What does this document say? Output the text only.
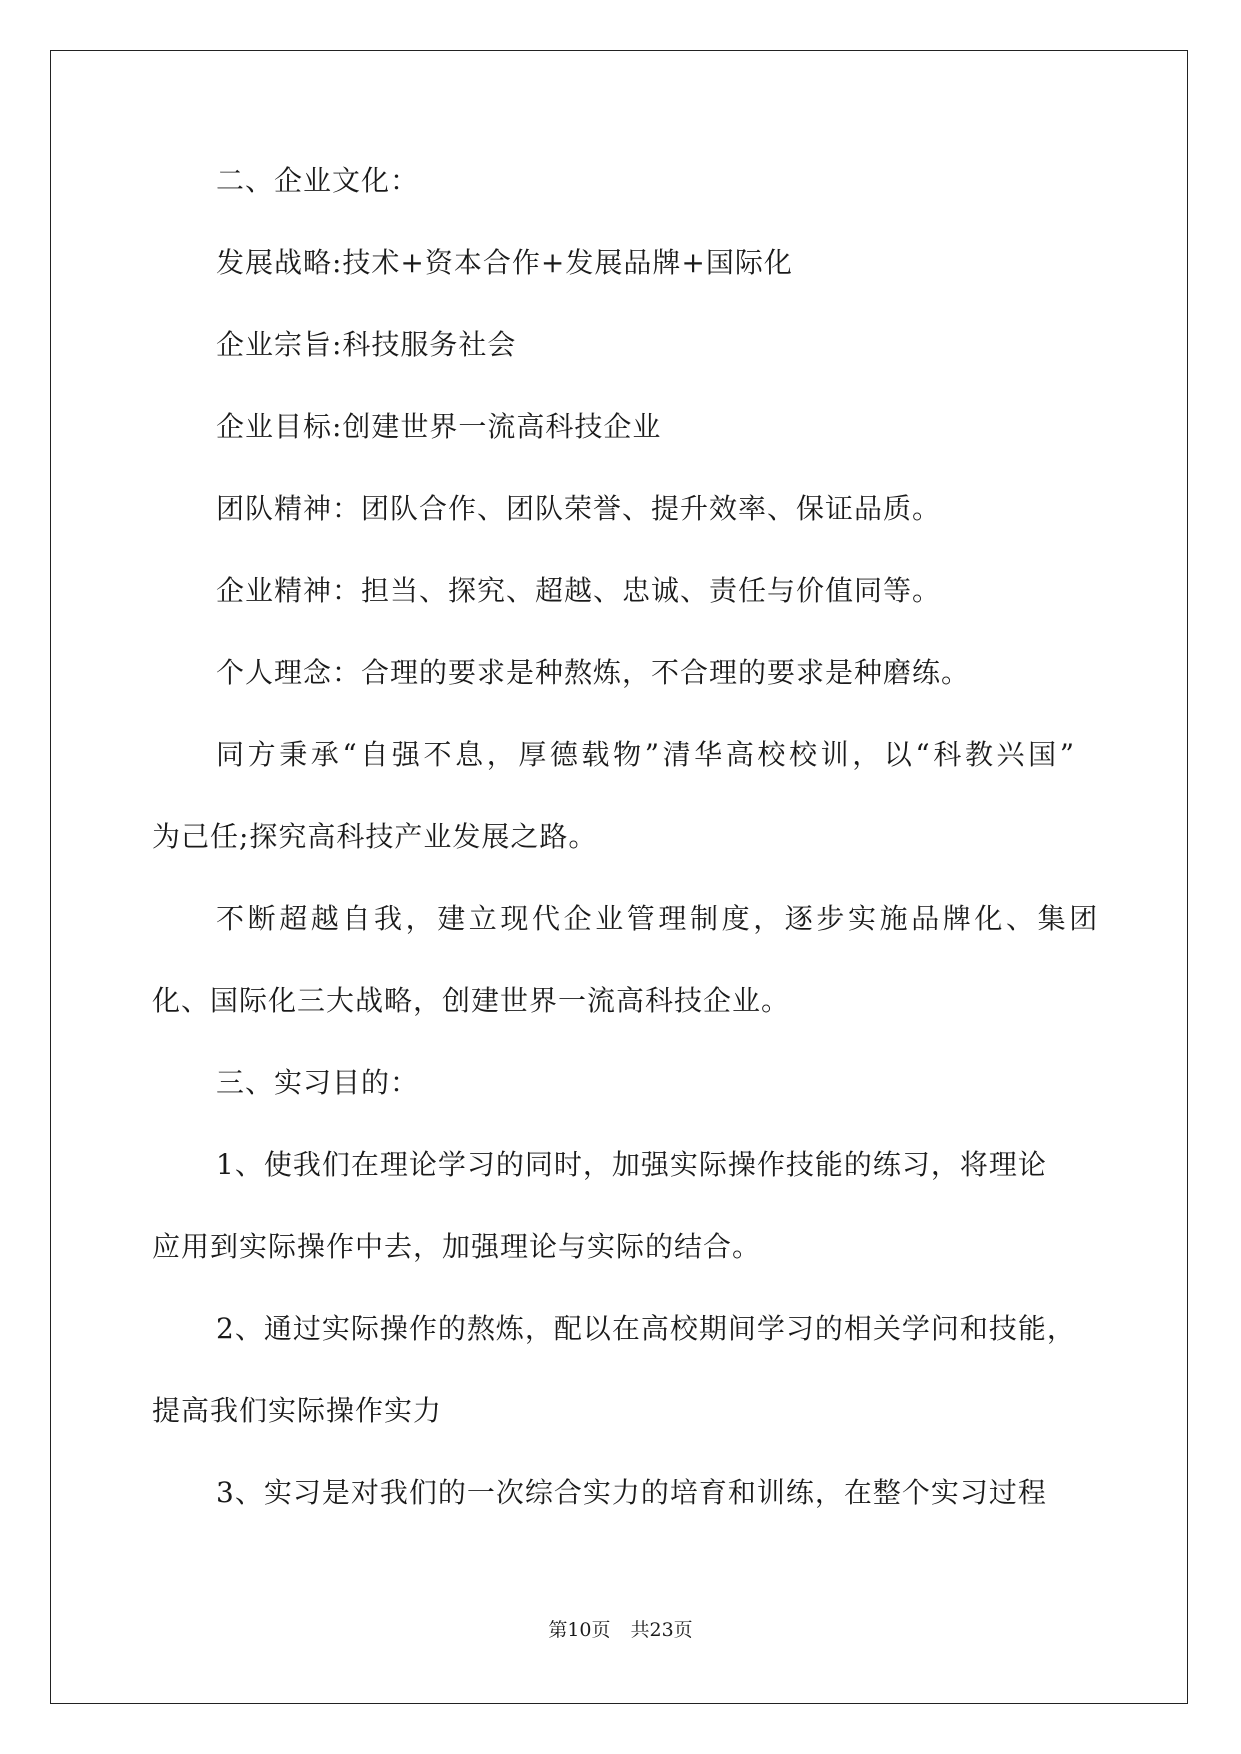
二、企业文化：
发展战略:技术+资本合作+发展品牌+国际化
企业宗旨:科技服务社会
企业目标:创建世界一流高科技企业
团队精神：团队合作、团队荣誉、提升效率、保证品质。
企业精神：担当、探究、超越、忠诚、责任与价值同等。
个人理念：合理的要求是种熬炼，不合理的要求是种磨练。
同方秉承“自强不息，厚德载物”清华高校校训，以“科教兴国”
为己任;探究高科技产业发展之路。
不断超越自我，建立现代企业管理制度，逐步实施品牌化、集团
化、国际化三大战略，创建世界一流高科技企业。
三、实习目的：
1、使我们在理论学习的同时，加强实际操作技能的练习，将理论
应用到实际操作中去，加强理论与实际的结合。
2、通过实际操作的熬炼，配以在高校期间学习的相关学问和技能，
提高我们实际操作实力
3、实习是对我们的一次综合实力的培育和训练，在整个实习过程
第10页 共23页
